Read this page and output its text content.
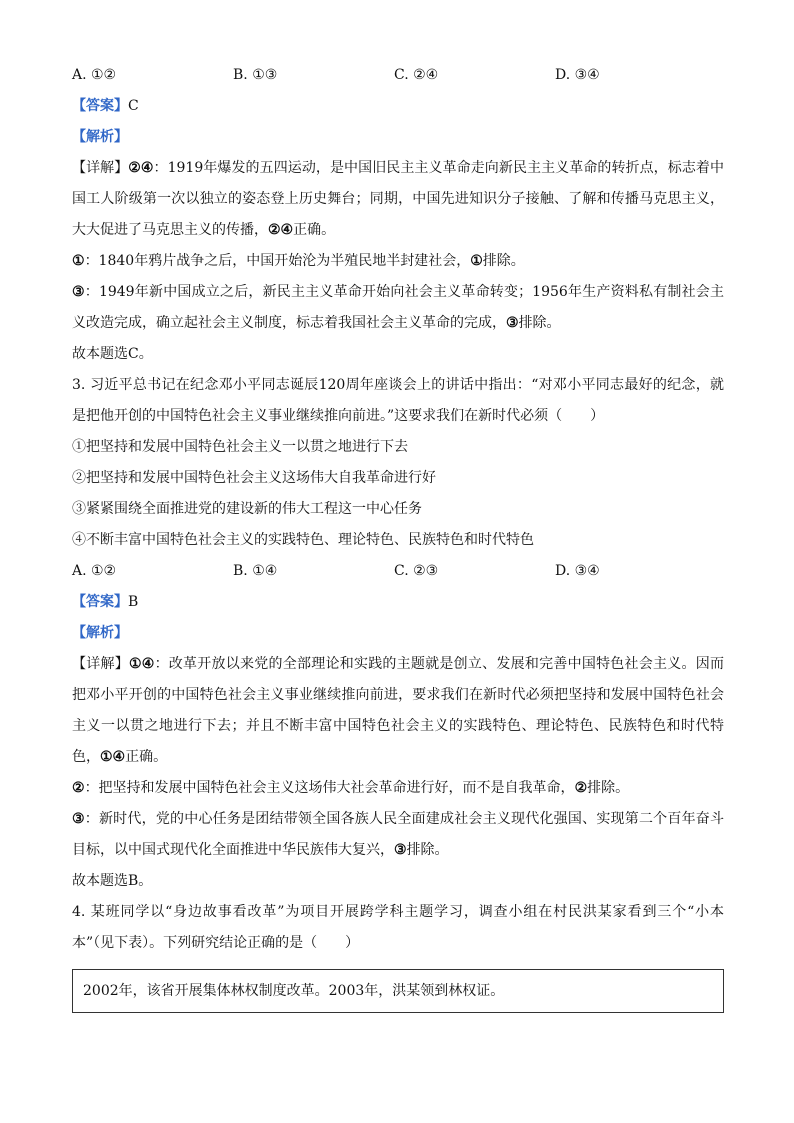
A. ①②	B. ①③	C. ②④	D. ③④
【答案】C
【解析】
【详解】②④：1919年爆发的五四运动，是中国旧民主主义革命走向新民主主义革命的转折点，标志着中国工人阶级第一次以独立的姿态登上历史舞台；同期，中国先进知识分子接触、了解和传播马克思主义，大大促进了马克思主义的传播，②④正确。
①：1840年鸦片战争之后，中国开始沦为半殖民地半封建社会，①排除。
③：1949年新中国成立之后，新民主主义革命开始向社会主义革命转变；1956年生产资料私有制社会主义改造完成，确立起社会主义制度，标志着我国社会主义革命的完成，③排除。
故本题选C。
3. 习近平总书记在纪念邓小平同志诞辰120周年座谈会上的讲话中指出：“对邓小平同志最好的纪念，就是把他开创的中国特色社会主义事业继续推向前进。”这要求我们在新时代必须（　　）
①把坚持和发展中国特色社会主义一以贯之地进行下去
②把坚持和发展中国特色社会主义这场伟大自我革命进行好
③紧紧围绕全面推进党的建设新的伟大工程这一中心任务
④不断丰富中国特色社会主义的实践特色、理论特色、民族特色和时代特色
A. ①②	B. ①④	C. ②③	D. ③④
【答案】B
【解析】
【详解】①④：改革开放以来党的全部理论和实践的主题就是创立、发展和完善中国特色社会主义。因而把邓小平开创的中国特色社会主义事业继续推向前进，要求我们在新时代必须把坚持和发展中国特色社会主义一以贯之地进行下去；并且不断丰富中国特色社会主义的实践特色、理论特色、民族特色和时代特色，①④正确。
②：把坚持和发展中国特色社会主义这场伟大社会革命进行好，而不是自我革命，②排除。
③：新时代，党的中心任务是团结带领全国各族人民全面建成社会主义现代化强国、实现第二个百年奋斗目标，以中国式现代化全面推进中华民族伟大复兴，③排除。
故本题选B。
4. 某班同学以“身边故事看改革”为项目开展跨学科主题学习，调查小组在村民洪某家看到三个“小本本”（见下表）。下列研究结论正确的是（　　）
2002年，该省开展集体林权制度改革。2003年，洪某领到林权证。
